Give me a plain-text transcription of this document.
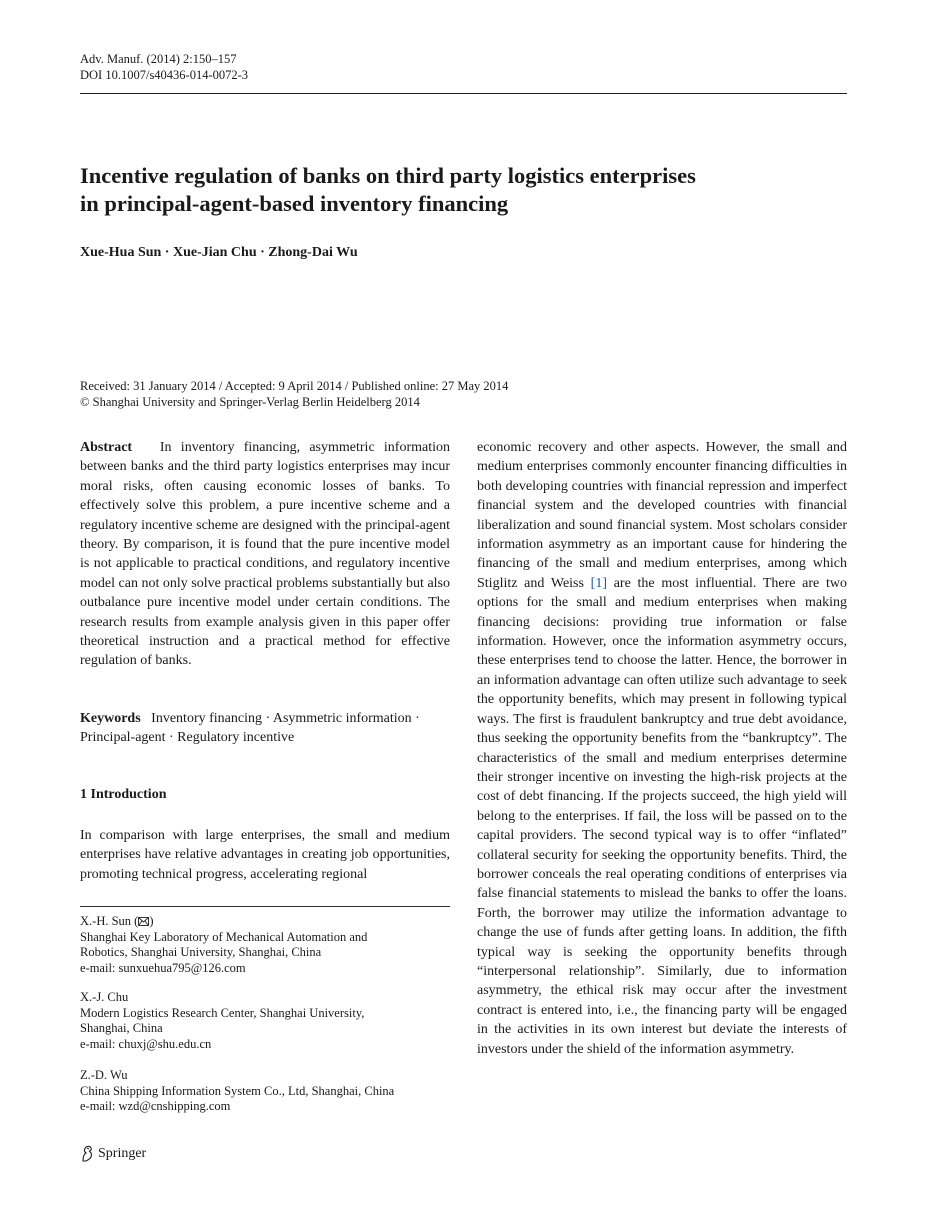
Adv. Manuf. (2014) 2:150–157
DOI 10.1007/s40436-014-0072-3
Incentive regulation of banks on third party logistics enterprises
in principal-agent-based inventory financing
Xue-Hua Sun · Xue-Jian Chu · Zhong-Dai Wu
Received: 31 January 2014 / Accepted: 9 April 2014 / Published online: 27 May 2014
© Shanghai University and Springer-Verlag Berlin Heidelberg 2014

Abstract In inventory financing, asymmetric information between banks and the third party logistics enterprises may incur moral risks, often causing economic losses of banks. To effectively solve this problem, a pure incentive scheme and a regulatory incentive scheme are designed with the principal-agent theory. By comparison, it is found that the pure incentive model is not applicable to practical conditions, and regulatory incentive model can not only solve practical problems substantially but also outbalance pure incentive model under certain conditions. The research results from example analysis given in this paper offer theoretical instruction and a practical method for effective regulation of banks.

Keywords Inventory financing · Asymmetric information · Principal-agent · Regulatory incentive

1 Introduction

In comparison with large enterprises, the small and medium enterprises have relative advantages in creating job opportunities, promoting technical progress, accelerating regional

X.-H. Sun ( )

Shanghai Key Laboratory of Mechanical Automation and Robotics, Shanghai University, Shanghai, China

e-mail: sunxuehua795@126.com

X.-J. Chu

Modern Logistics Research Center, Shanghai University, Shanghai, China

e-mail: chuxj@shu.edu.cn

Z.-D. Wu

China Shipping Information System Co., Ltd, Shanghai, China

e-mail: wzd@cnshipping.com

economic recovery and other aspects. However, the small and medium enterprises commonly encounter financing difficulties in both developing countries with financial repression and imperfect financial system and the developed countries with financial liberalization and sound financial system. Most scholars consider information asymmetry as an important cause for hindering the financing of the small and medium enterprises, among which Stiglitz and Weiss [1] are the most influential. There are two options for the small and medium enterprises when making financing decisions: providing true information or false information. However, once the information asymmetry occurs, these enterprises tend to choose the latter. Hence, the borrower in an information advantage can often utilize such advantage to seek the opportunity benefits, which may present in following typical ways. The first is fraudulent bankruptcy and true debt avoidance, thus seeking the opportunity benefits from the “bankruptcy”. The characteristics of the small and medium enterprises determine their stronger incentive on investing the high-risk projects at the cost of debt financing. If the projects succeed, the high yield will belong to the enterprises. If fail, the loss will be passed on to the capital providers. The second typical way is to offer “inflated” collateral security for seeking the opportunity benefits. Third, the borrower conceals the real operating conditions of enterprises via false financial statements to mislead the banks to offer the loans. Forth, the borrower may utilize the information advantage to change the use of funds after getting loans. In addition, the fifth typical way is seeking the opportunity benefits through “interpersonal relationship”. Similarly, due to information asymmetry, the ethical risk may occur after the investment contract is entered into, i.e., the financing party will be engaged in the activities in its own interest but deviate the interests of investors under the shield of the information asymmetry.

Springer
